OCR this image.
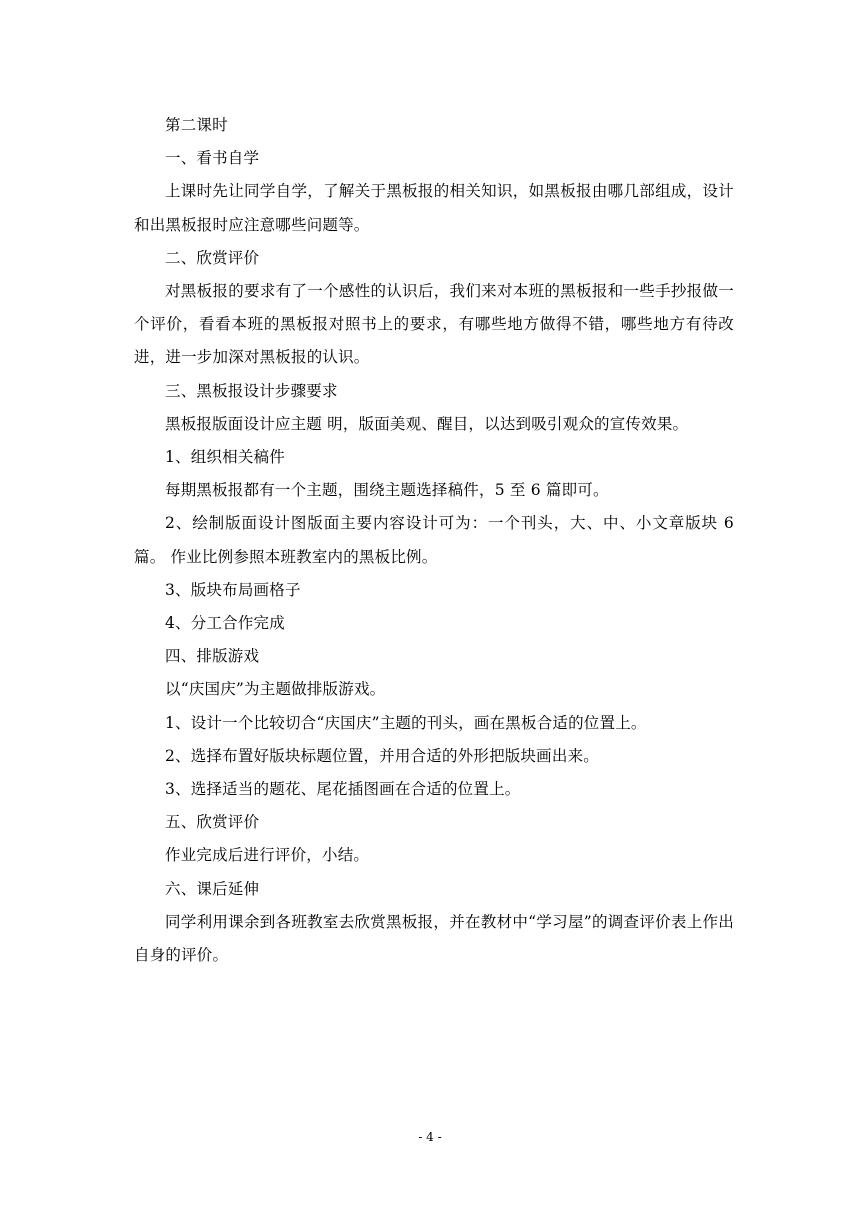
第二课时

一、看书自学

上课时先让同学自学，了解关于黑板报的相关知识，如黑板报由哪几部组成，设计和出黑板报时应注意哪些问题等。

二、欣赏评价

对黑板报的要求有了一个感性的认识后，我们来对本班的黑板报和一些手抄报做一个评价，看看本班的黑板报对照书上的要求，有哪些地方做得不错，哪些地方有待改进，进一步加深对黑板报的认识。

三、黑板报设计步骤要求

黑板报版面设计应主题 明，版面美观、醒目，以达到吸引观众的宣传效果。

1、组织相关稿件

每期黑板报都有一个主题，围绕主题选择稿件，5 至 6 篇即可。

2、绘制版面设计图版面主要内容设计可为：一个刊头，大、中、小文章版块 6 篇。 作业比例参照本班教室内的黑板比例。

3、版块布局画格子

4、分工合作完成

四、排版游戏

以“庆国庆”为主题做排版游戏。

1、设计一个比较切合“庆国庆”主题的刊头，画在黑板合适的位置上。

2、选择布置好版块标题位置，并用合适的外形把版块画出来。

3、选择适当的题花、尾花插图画在合适的位置上。

五、欣赏评价

作业完成后进行评价，小结。

六、课后延伸

同学利用课余到各班教室去欣赏黑板报，并在教材中“学习屋”的调查评价表上作出自身的评价。

- 4 -
